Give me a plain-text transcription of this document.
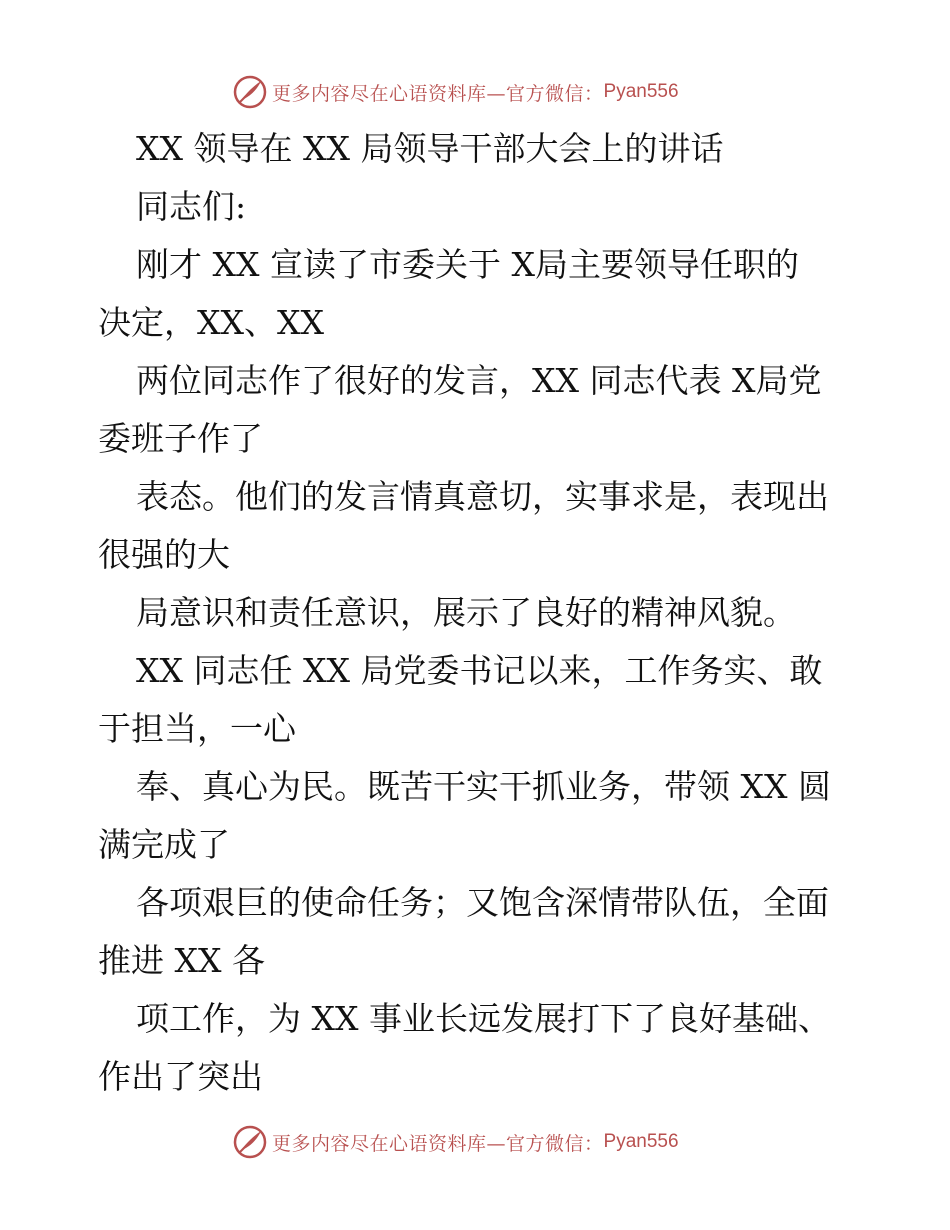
更多内容尽在心语资料库—官方微信： Pyan556
XX 领导在 XX 局领导干部大会上的讲话
同志们:
刚才 XX 宣读了市委关于 X局主要领导任职的
决定，XX、XX
两位同志作了很好的发言，XX 同志代表 X局党
委班子作了
表态。他们的发言情真意切，实事求是，表现出
很强的大
局意识和责任意识，展示了良好的精神风貌。
XX 同志任 XX 局党委书记以来，工作务实、敢
于担当，一心
奉、真心为民。既苦干实干抓业务，带领 XX 圆
满完成了
各项艰巨的使命任务；又饱含深情带队伍，全面
推进 XX 各
项工作，为 XX 事业长远发展打下了良好基础、
作出了突出
更多内容尽在心语资料库—官方微信： Pyan556
